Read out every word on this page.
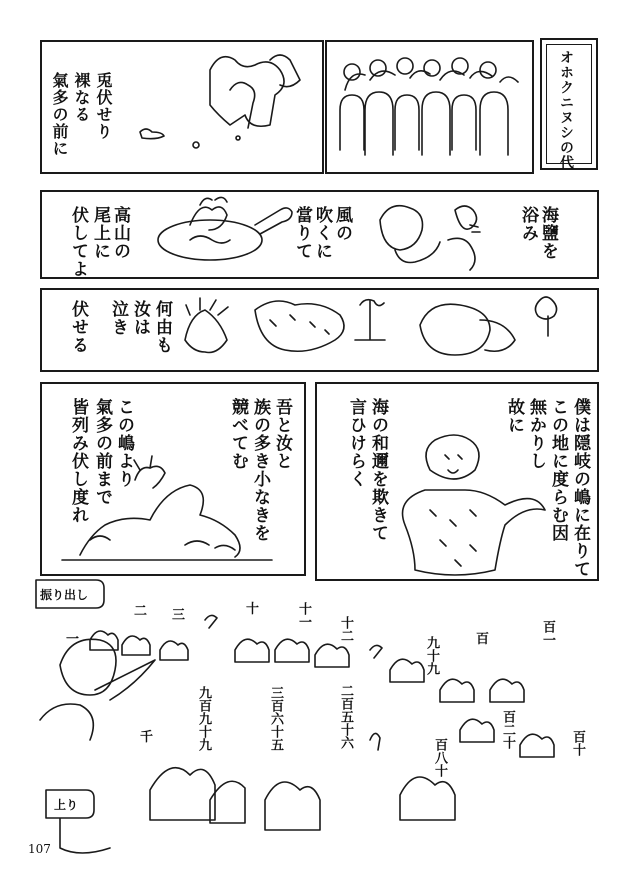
オホクニヌシの代
氣多の前に 裸なる 兎伏せり
海鹽を
浴み
風の
吹くに
當りて
高山の
尾上に
伏してよ
何由も
汝は
泣き
伏せる
吾と汝と
族の多き小なきを
競べてむ
この嶋より
氣多の前まで
皆列み伏し度れ	僕は隠岐の嶋に在りて
この地に度らむ因
無かりし
故に
海の和邇を欺きて
言ひけらく
振り出し
上り
一
二 三	十	十一
十二
二百五十六
三百六十五
九百九十九
千
九十九	百	百一
百二十
百八十	百十
107
